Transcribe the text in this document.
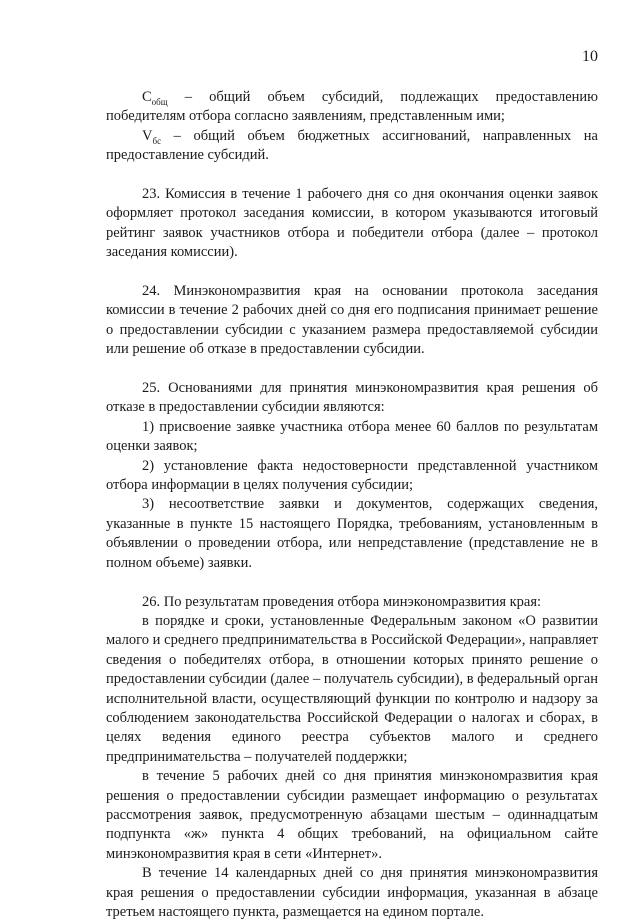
10

$С_{общ}$ – общий объем субсидий, подлежащих предоставлению победителям отбора согласно заявлениям, представленным ими;

$V_{бс}$ – общий объем бюджетных ассигнований, направленных на предоставление субсидий.

23. Комиссия в течение 1 рабочего дня со дня окончания оценки заявок оформляет протокол заседания комиссии, в котором указываются итоговый рейтинг заявок участников отбора и победители отбора (далее – протокол заседания комиссии).

24. Минэкономразвития края на основании протокола заседания комиссии в течение 2 рабочих дней со дня его подписания принимает решение о предоставлении субсидии с указанием размера предоставляемой субсидии или решение об отказе в предоставлении субсидии.

25. Основаниями для принятия минэкономразвития края решения об отказе в предоставлении субсидии являются:

1) присвоение заявке участника отбора менее 60 баллов по результатам оценки заявок;

2) установление факта недостоверности представленной участником отбора информации в целях получения субсидии;

3) несоответствие заявки и документов, содержащих сведения, указанные в пункте 15 настоящего Порядка, требованиям, установленным в объявлении о проведении отбора, или непредставление (представление не в полном объеме) заявки.

26. По результатам проведения отбора минэкономразвития края:

в порядке и сроки, установленные Федеральным законом «О развитии малого и среднего предпринимательства в Российской Федерации», направляет сведения о победителях отбора, в отношении которых принято решение о предоставлении субсидии (далее – получатель субсидии), в федеральный орган исполнительной власти, осуществляющий функции по контролю и надзору за соблюдением законодательства Российской Федерации о налогах и сборах, в целях ведения единого реестра субъектов малого и среднего предпринимательства – получателей поддержки;

в течение 5 рабочих дней со дня принятия минэкономразвития края решения о предоставлении субсидии размещает информацию о результатах рассмотрения заявок, предусмотренную абзацами шестым – одиннадцатым подпункта «ж» пункта 4 общих требований, на официальном сайте минэкономразвития края в сети «Интернет».

В течение 14 календарных дней со дня принятия минэкономразвития края решения о предоставлении субсидии информация, указанная в абзаце третьем настоящего пункта, размещается на едином портале.
